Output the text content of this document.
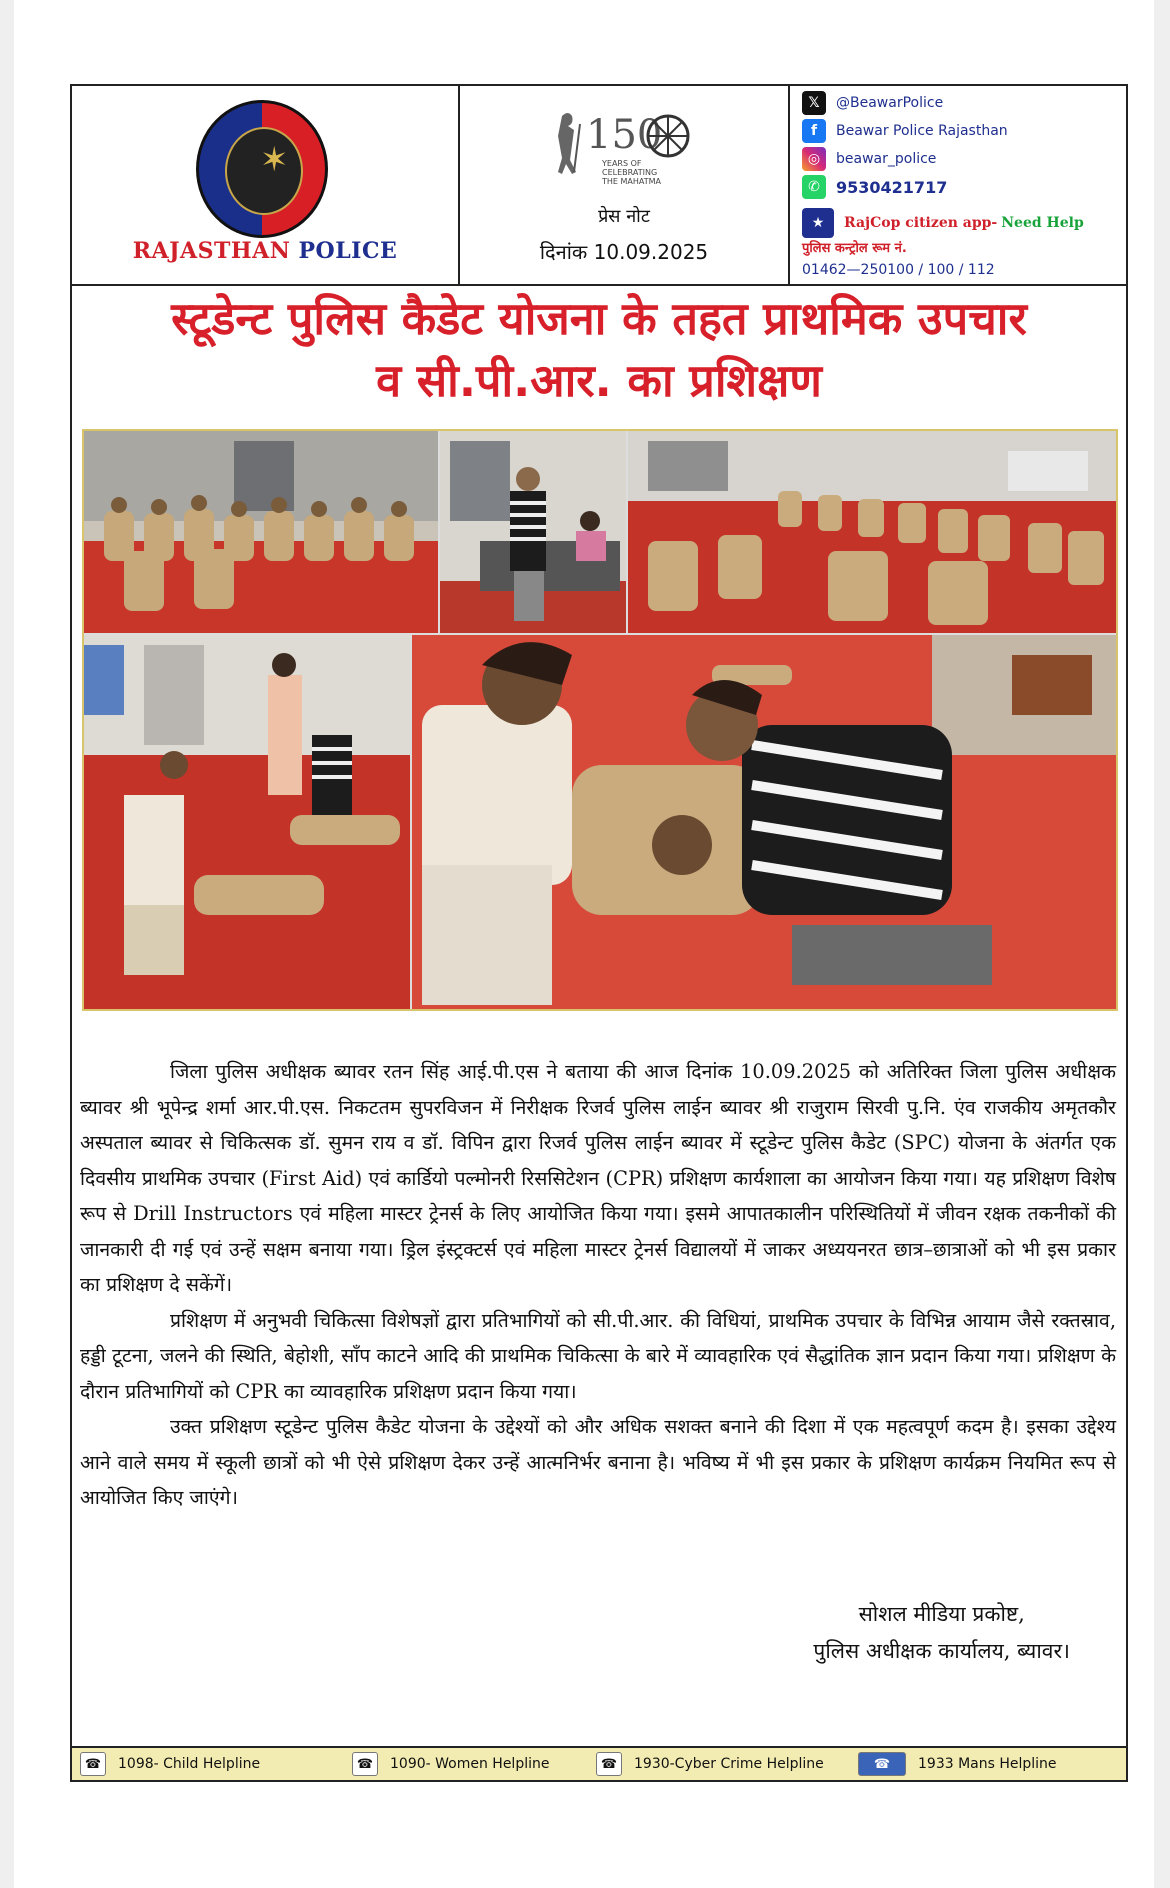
✶
RAJASTHAN POLICE
150
YEARS OF
CELEBRATING
THE MAHATMA
प्रेस नोट
दिनांक 10.09.2025
𝕏	@BeawarPolice
f	Beawar Police Rajasthan
◎	beawar_police
✆	9530421717
★	RajCop citizen app- Need Help
पुलिस कन्ट्रोल रूम नं.
01462—250100 / 100 / 112
स्टूडेन्ट पुलिस कैडेट योजना के तहत प्राथमिक उपचार
व सी.पी.आर. का प्रशिक्षण

जिला पुलिस अधीक्षक ब्यावर रतन सिंह आई.पी.एस ने बताया की आज दिनांक 10.09.2025 को अतिरिक्त जिला पुलिस अधीक्षक ब्यावर श्री भूपेन्द्र शर्मा आर.पी.एस. निकटतम सुपरविजन में निरीक्षक रिजर्व पुलिस लाईन ब्यावर श्री राजुराम सिरवी पु.नि. एंव राजकीय अमृतकौर अस्पताल ब्यावर से चिकित्सक डॉ. सुमन राय व डॉ. विपिन द्वारा रिजर्व पुलिस लाईन ब्यावर में स्टूडेन्ट पुलिस कैडेट (SPC) योजना के अंतर्गत एक दिवसीय प्राथमिक उपचार (First Aid) एवं कार्डियो पल्मोनरी रिससिटेशन (CPR) प्रशिक्षण कार्यशाला का आयोजन किया गया। यह प्रशिक्षण विशेष रूप से Drill Instructors एवं महिला मास्टर ट्रेनर्स के लिए आयोजित किया गया। इसमे आपातकालीन परिस्थितियों में जीवन रक्षक तकनीकों की जानकारी दी गई एवं उन्हें सक्षम बनाया गया। ड्रिल इंस्ट्रक्टर्स एवं महिला मास्टर ट्रेनर्स विद्यालयों में जाकर अध्ययनरत छात्र–छात्राओं को भी इस प्रकार का प्रशिक्षण दे सकेंगें।

प्रशिक्षण में अनुभवी चिकित्सा विशेषज्ञों द्वारा प्रतिभागियों को सी.पी.आर. की विधियां, प्राथमिक उपचार के विभिन्न आयाम जैसे रक्तस्राव, हड्डी टूटना, जलने की स्थिति, बेहोशी, साँप काटने आदि की प्राथमिक चिकित्सा के बारे में व्यावहारिक एवं सैद्धांतिक ज्ञान प्रदान किया गया। प्रशिक्षण के दौरान प्रतिभागियों को CPR का व्यावहारिक प्रशिक्षण प्रदान किया गया।

उक्त प्रशिक्षण स्टूडेन्ट पुलिस कैडेट योजना के उद्देश्यों को और अधिक सशक्त बनाने की दिशा में एक महत्वपूर्ण कदम है। इसका उद्देश्य आने वाले समय में स्कूली छात्रों को भी ऐसे प्रशिक्षण देकर उन्हें आत्मनिर्भर बनाना है। भविष्य में भी इस प्रकार के प्रशिक्षण कार्यक्रम नियमित रूप से आयोजित किए जाएंगे।

सोशल मीडिया प्रकोष्ट,
पुलिस अधीक्षक कार्यालय, ब्यावर।
☎	1098- Child Helpline	☎	1090- Women Helpline	☎	1930-Cyber Crime Helpline	☎	1933 Mans Helpline
